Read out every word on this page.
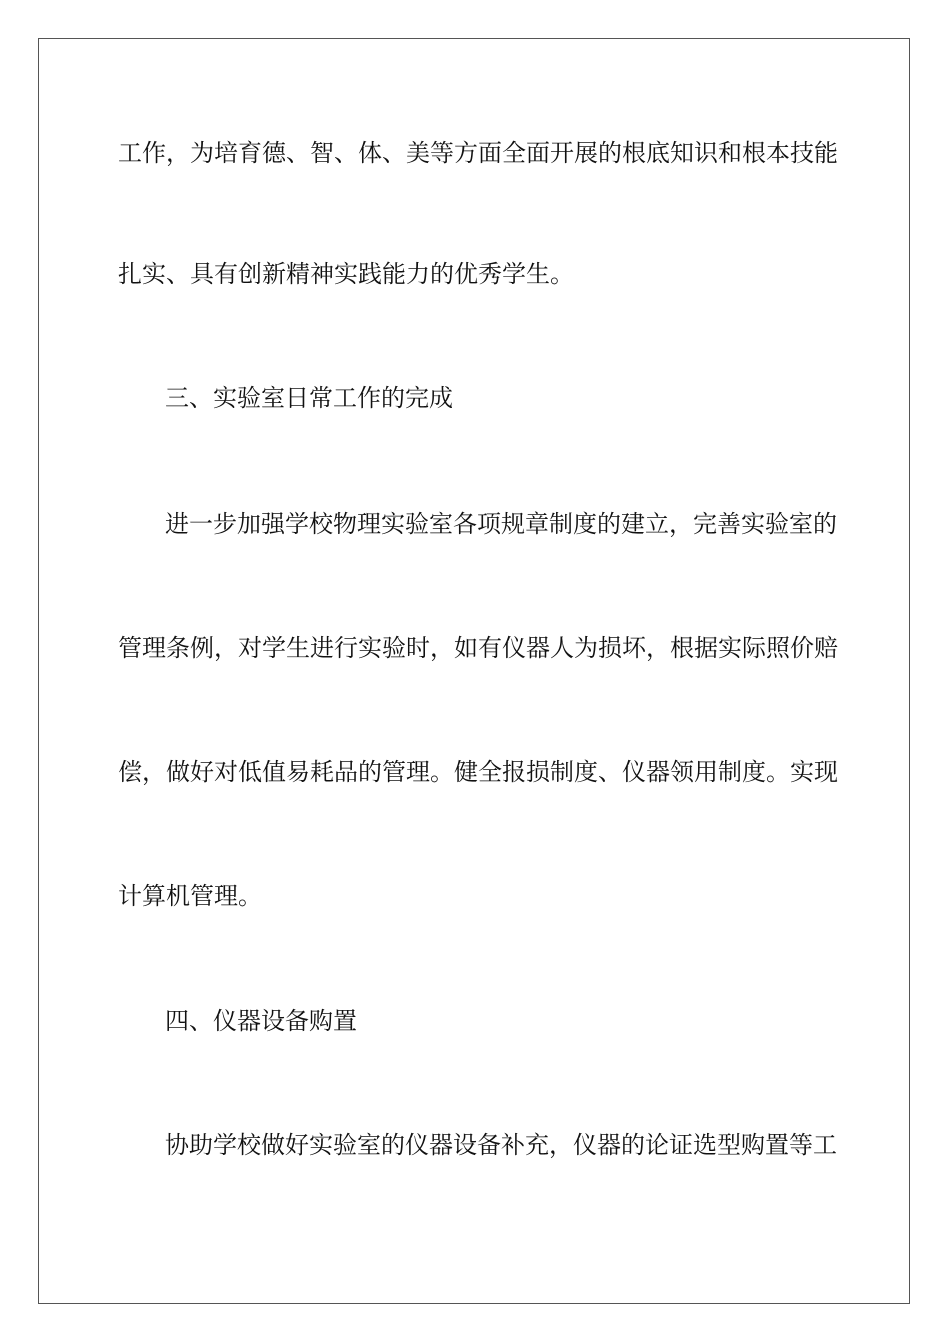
工作，为培育德、智、体、美等方面全面开展的根底知识和根本技能
扎实、具有创新精神实践能力的优秀学生。
三、实验室日常工作的完成
进一步加强学校物理实验室各项规章制度的建立，完善实验室的
管理条例，对学生进行实验时，如有仪器人为损坏，根据实际照价赔
偿，做好对低值易耗品的管理。健全报损制度、仪器领用制度。实现
计算机管理。
四、仪器设备购置
协助学校做好实验室的仪器设备补充，仪器的论证选型购置等工
